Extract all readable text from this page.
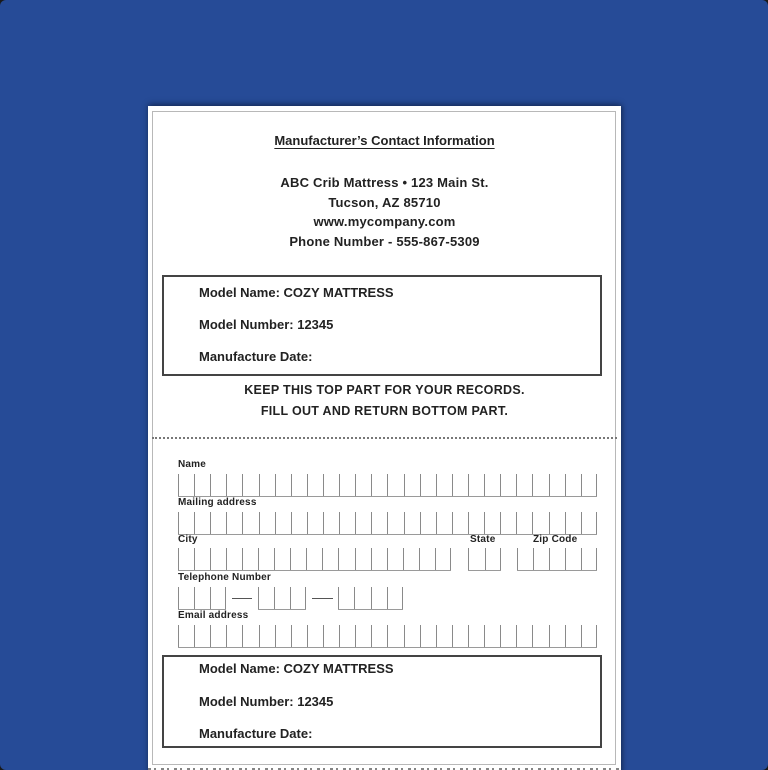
Manufacturer’s Contact Information
ABC Crib Mattress • 123 Main St.
Tucson, AZ 85710
www.mycompany.com
Phone Number - 555-867-5309
Model Name: COZY MATTRESS
Model Number: 12345
Manufacture Date:
KEEP THIS TOP PART FOR YOUR RECORDS.
FILL OUT AND RETURN BOTTOM PART.
Name
Mailing address
City	State	Zip Code
Telephone Number
Email address
Model Name: COZY MATTRESS
Model Number: 12345
Manufacture Date:
